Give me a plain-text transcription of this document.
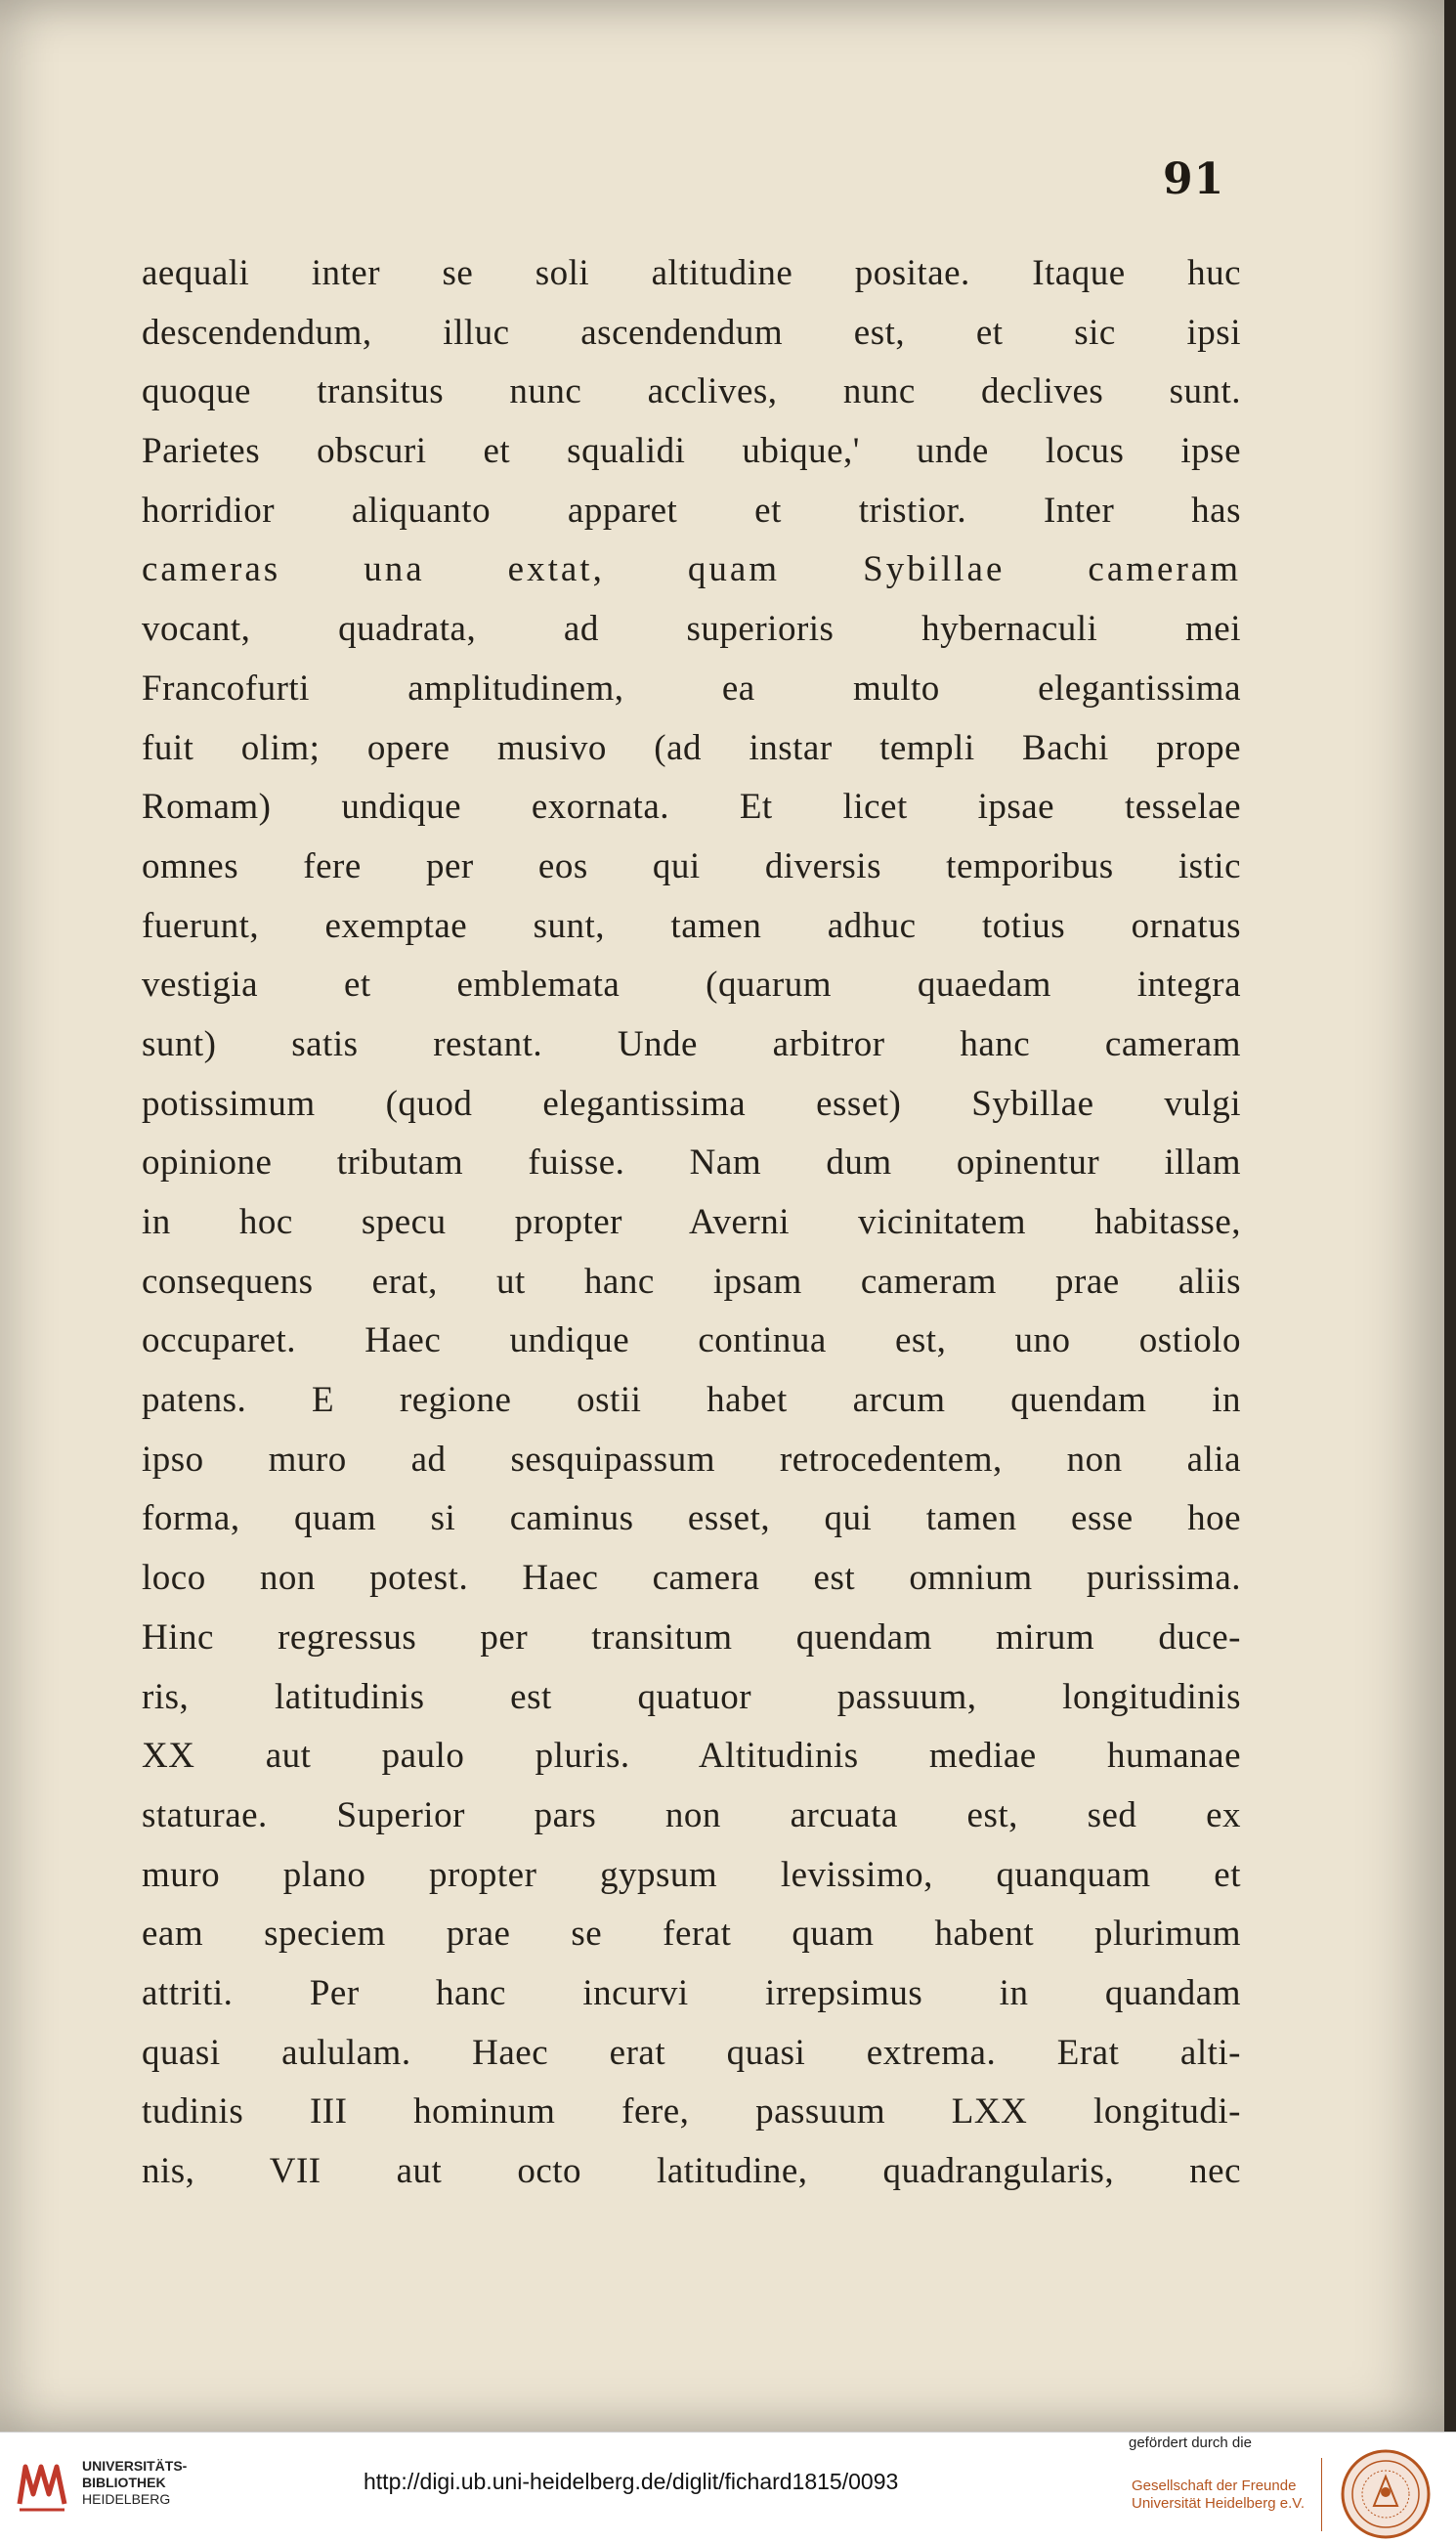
91
aequali inter se soli altitudine positae. Itaque huc
descendendum, illuc ascendendum est, et sic ipsi
quoque transitus nunc acclives, nunc declives sunt.
Parietes obscuri et squalidi ubique,' unde locus ipse
horridior aliquanto apparet et tristior. Inter has
cameras una extat, quam Sybillae cameram
vocant, quadrata, ad superioris hybernaculi mei
Francofurti amplitudinem, ea multo elegantissima
fuit olim; opere musivo (ad instar templi Bachi prope
Romam) undique exornata. Et licet ipsae tesselae
omnes fere per eos qui diversis temporibus istic
fuerunt, exemptae sunt, tamen adhuc totius ornatus
vestigia et emblemata (quarum quaedam integra
sunt) satis restant. Unde arbitror hanc cameram
potissimum (quod elegantissima esset) Sybillae vulgi
opinione tributam fuisse. Nam dum opinentur illam
in hoc specu propter Averni vicinitatem habitasse,
consequens erat, ut hanc ipsam cameram prae aliis
occuparet. Haec undique continua est, uno ostiolo
patens. E regione ostii habet arcum quendam in
ipso muro ad sesquipassum retrocedentem, non alia
forma, quam si caminus esset, qui tamen esse hoe
loco non potest. Haec camera est omnium purissima.
Hinc regressus per transitum quendam mirum duce-
ris, latitudinis est quatuor passuum, longitudinis
XX aut paulo pluris. Altitudinis mediae humanae
staturae. Superior pars non arcuata est, sed ex
muro plano propter gypsum levissimo, quanquam et
eam speciem prae se ferat quam habent plurimum
attriti. Per hanc incurvi irrepsimus in quandam
quasi aululam. Haec erat quasi extrema. Erat alti-
tudinis III hominum fere, passuum LXX longitudi-
nis, VII aut octo latitudine, quadrangularis, nec
UNIVERSITÄTS-
BIBLIOTHEK
HEIDELBERG
http://digi.ub.uni-heidelberg.de/diglit/fichard1815/0093
gefördert durch die
Gesellschaft der Freunde
Universität Heidelberg e.V.
